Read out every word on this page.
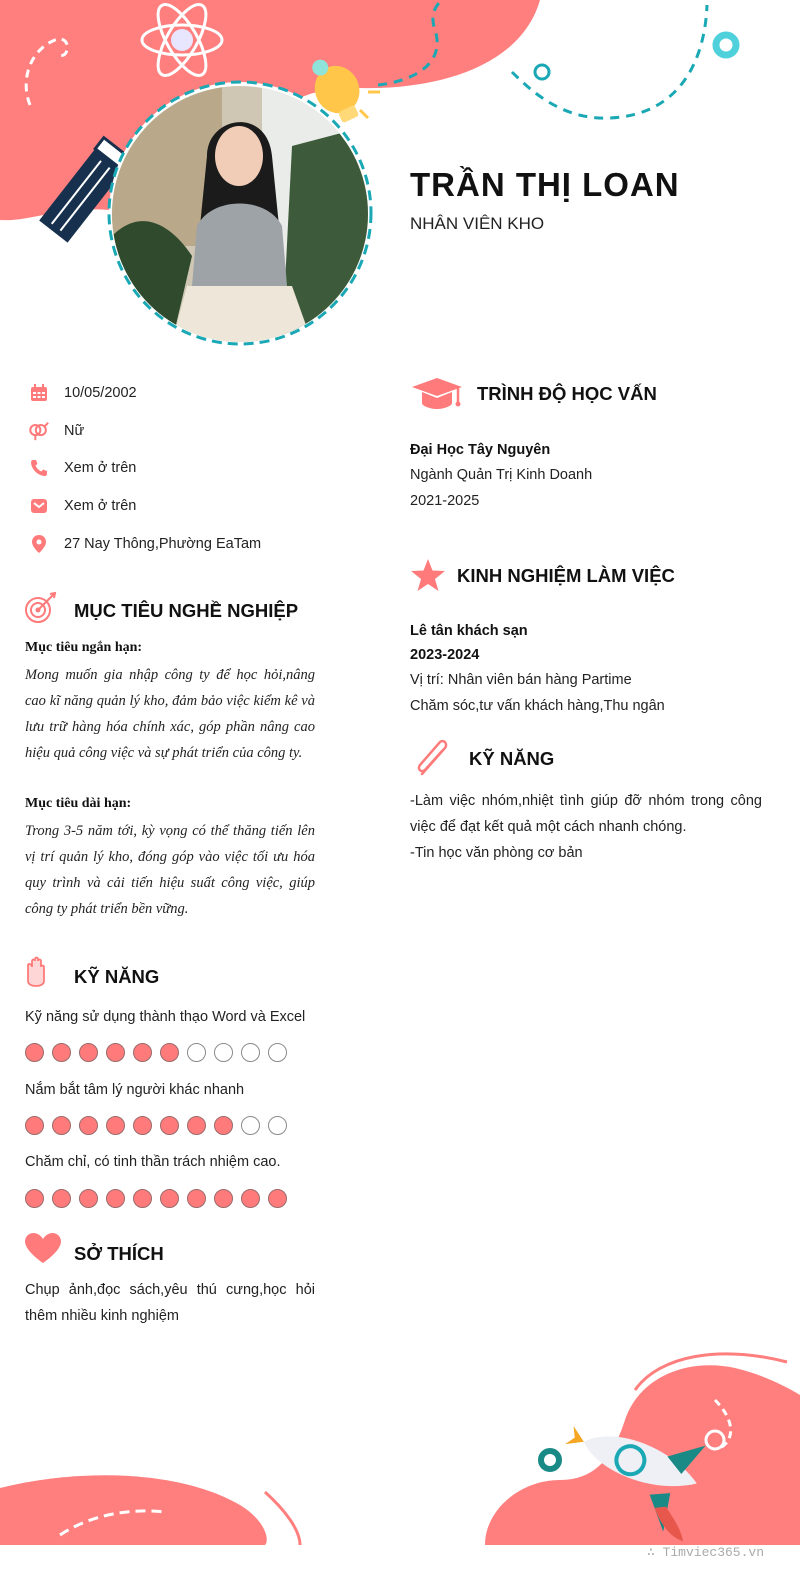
TRẦN THỊ LOAN
NHÂN VIÊN KHO
10/05/2002
Nữ
Xem ở trên
Xem ở trên
27 Nay Thông,Phường EaTam
MỤC TIÊU NGHỀ NGHIỆP
Mục tiêu ngắn hạn:
Mong muốn gia nhập công ty để học hỏi,nâng cao kĩ năng quản lý kho, đảm bảo việc kiểm kê và lưu trữ hàng hóa chính xác, góp phần nâng cao hiệu quả công việc và sự phát triển của công ty.
Mục tiêu dài hạn:
Trong 3-5 năm tới, kỳ vọng có thể thăng tiến lên vị trí quản lý kho, đóng góp vào việc tối ưu hóa quy trình và cải tiến hiệu suất công việc, giúp công ty phát triển bền vững.
KỸ NĂNG
Kỹ năng sử dụng thành thạo Word và Excel
Nắm bắt tâm lý người khác nhanh
Chăm chỉ, có tinh thần trách nhiệm cao.
SỞ THÍCH
Chụp ảnh,đọc sách,yêu thú cưng,học hỏi thêm nhiều kinh nghiệm
TRÌNH ĐỘ HỌC VẤN
Đại Học Tây Nguyên
Ngành Quản Trị Kinh Doanh
2021-2025
KINH NGHIỆM LÀM VIỆC
Lê tân khách sạn
2023-2024
Vị trí: Nhân viên bán hàng Partime
Chăm sóc,tư vấn khách hàng,Thu ngân
KỸ NĂNG
-Làm việc nhóm,nhiệt tình giúp đỡ nhóm trong công việc để đạt kết quả một cách nhanh chóng.
-Tin học văn phòng cơ bản
∴ Timviec365.vn
